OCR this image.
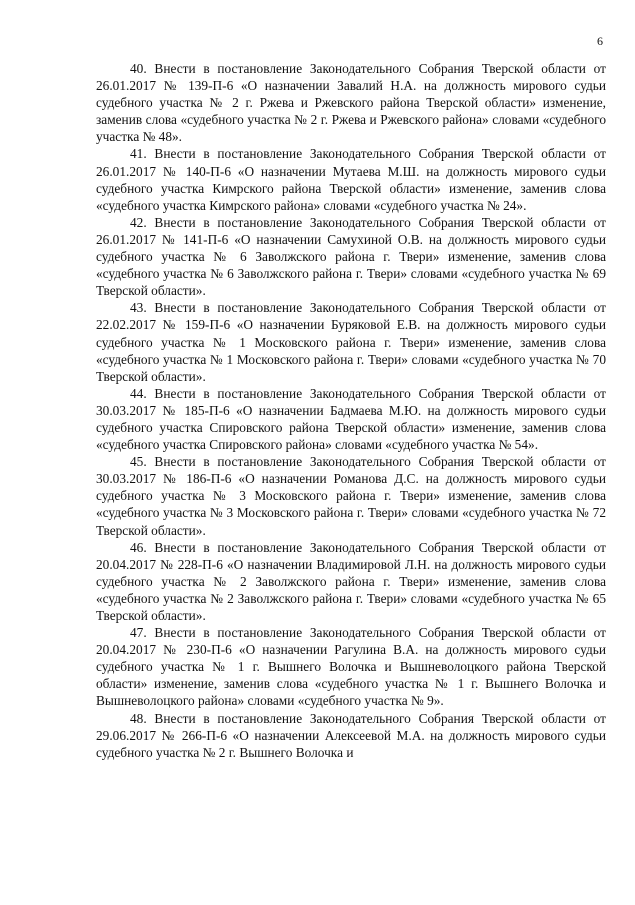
6

40. Внести в постановление Законодательного Собрания Тверской области от 26.01.2017 № 139-П-6 «О назначении Завалий Н.А. на должность мирового судьи судебного участка № 2 г. Ржева и Ржевского района Тверской области» изменение, заменив слова «судебного участка № 2 г. Ржева и Ржевского района» словами «судебного участка № 48».

41. Внести в постановление Законодательного Собрания Тверской области от 26.01.2017 № 140-П-6 «О назначении Мутаева М.Ш. на должность мирового судьи судебного участка Кимрского района Тверской области» изменение, заменив слова «судебного участка Кимрского района» словами «судебного участка № 24».

42. Внести в постановление Законодательного Собрания Тверской области от 26.01.2017 № 141-П-6 «О назначении Самухиной О.В. на должность мирового судьи судебного участка № 6 Заволжского района г. Твери» изменение, заменив слова «судебного участка № 6 Заволжского района г. Твери» словами «судебного участка № 69 Тверской области».

43. Внести в постановление Законодательного Собрания Тверской области от 22.02.2017 № 159-П-6 «О назначении Буряковой Е.В. на должность мирового судьи судебного участка № 1 Московского района г. Твери» изменение, заменив слова «судебного участка № 1 Московского района г. Твери» словами «судебного участка № 70 Тверской области».

44. Внести в постановление Законодательного Собрания Тверской области от 30.03.2017 № 185-П-6 «О назначении Бадмаева М.Ю. на должность мирового судьи судебного участка Спировского района Тверской области» изменение, заменив слова «судебного участка Спировского района» словами «судебного участка № 54».

45. Внести в постановление Законодательного Собрания Тверской области от 30.03.2017 № 186-П-6 «О назначении Романова Д.С. на должность мирового судьи судебного участка № 3 Московского района г. Твери» изменение, заменив слова «судебного участка № 3 Московского района г. Твери» словами «судебного участка № 72 Тверской области».

46. Внести в постановление Законодательного Собрания Тверской области от 20.04.2017 № 228-П-6 «О назначении Владимировой Л.Н. на должность мирового судьи судебного участка № 2 Заволжского района г. Твери» изменение, заменив слова «судебного участка № 2 Заволжского района г. Твери» словами «судебного участка № 65 Тверской области».

47. Внести в постановление Законодательного Собрания Тверской области от 20.04.2017 № 230-П-6 «О назначении Рагулина В.А. на должность мирового судьи судебного участка № 1 г. Вышнего Волочка и Вышневолоцкого района Тверской области» изменение, заменив слова «судебного участка № 1 г. Вышнего Волочка и Вышневолоцкого района» словами «судебного участка № 9».

48. Внести в постановление Законодательного Собрания Тверской области от 29.06.2017 № 266-П-6 «О назначении Алексеевой М.А. на должность мирового судьи судебного участка № 2 г. Вышнего Волочка и
